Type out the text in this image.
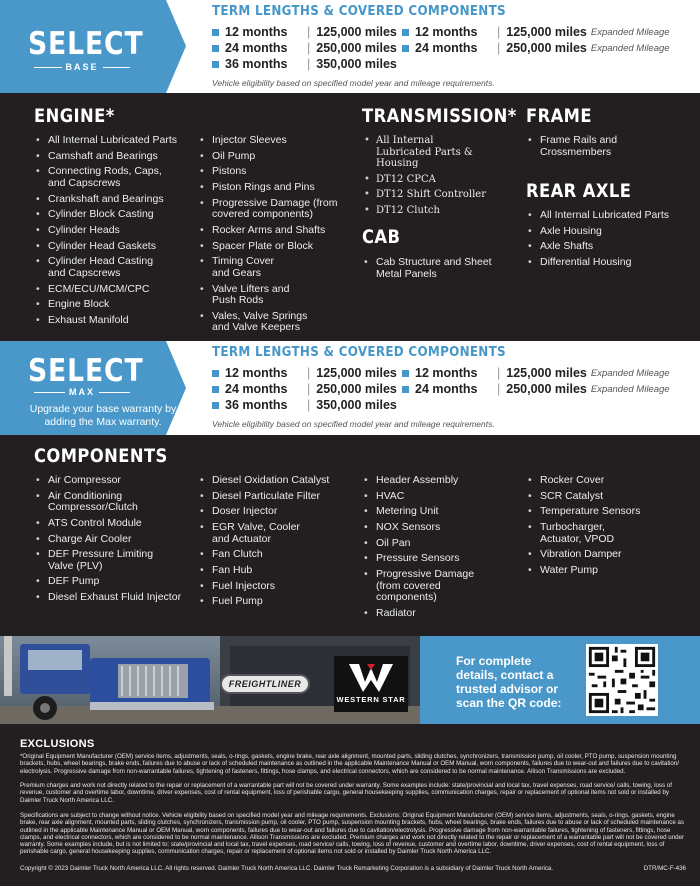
SELECT
BASE
TERM LENGTHS & COVERED COMPONENTS
12 months	| 125,000 miles
24 months	| 250,000 miles
36 months	| 350,000 miles
12 months	| 125,000 miles Expanded Mileage
24 months	| 250,000 miles Expanded Mileage
Vehicle eligibility based on specified model year and mileage requirements.
ENGINE*
• All Internal Lubricated Parts
• Camshaft and Bearings
• Connecting Rods, Caps, and Capscrews
• Crankshaft and Bearings
• Cylinder Block Casting
• Cylinder Heads
• Cylinder Head Gaskets
• Cylinder Head Casting and Capscrews
• ECM/ECU/MCM/CPC
• Engine Block
• Exhaust Manifold
• Injector Sleeves
• Oil Pump
• Pistons
• Piston Rings and Pins
• Progressive Damage (from covered components)
• Rocker Arms and Shafts
• Spacer Plate or Block
• Timing Cover and Gears
• Valve Lifters and Push Rods
• Vales, Valve Springs and Valve Keepers
TRANSMISSION*
• All Internal Lubricated Parts & Housing
• DT12 CPCA
• DT12 Shift Controller
• DT12 Clutch
CAB
• Cab Structure and Sheet Metal Panels
FRAME
• Frame Rails and Crossmembers
REAR AXLE
• All Internal Lubricated Parts
• Axle Housing
• Axle Shafts
• Differential Housing
SELECT
MAX
Upgrade your base warranty by adding the Max warranty.
TERM LENGTHS & COVERED COMPONENTS
12 months	| 125,000 miles
24 months	| 250,000 miles
36 months	| 350,000 miles
12 months	| 125,000 miles Expanded Mileage
24 months	| 250,000 miles Expanded Mileage
Vehicle eligibility based on specified model year and mileage requirements.
COMPONENTS
• Air Compressor
• Air Conditioning Compressor/Clutch
• ATS Control Module
• Charge Air Cooler
• DEF Pressure Limiting Valve (PLV)
• DEF Pump
• Diesel Exhaust Fluid Injector
• Diesel Oxidation Catalyst
• Diesel Particulate Filter
• Doser Injector
• EGR Valve, Cooler and Actuator
• Fan Clutch
• Fan Hub
• Fuel Injectors
• Fuel Pump
• Header Assembly
• HVAC
• Metering Unit
• NOX Sensors
• Oil Pan
• Pressure Sensors
• Progressive Damage (from covered components)
• Radiator
• Rocker Cover
• SCR Catalyst
• Temperature Sensors
• Turbocharger, Actuator, VPOD
• Vibration Damper
• Water Pump
FREIGHTLINER
WESTERN STAR
For complete details, contact a trusted advisor or scan the QR code:
EXCLUSIONS

*Original Equipment Manufacturer (OEM) service items, adjustments, seals, o-rings, gaskets, engine brake, rear axle alignment, mounted parts, sliding clutches, synchronizers, transmission pump, oil cooler, PTO pump, suspension mounting brackets, hubs, wheel bearings, brake ends, failures due to abuse or lack of scheduled maintenance as outlined in the applicable Maintenance Manual or OEM Manual, worn components, failures due to wear-out and failures due to cavitation/ electrolysis. Progressive damage from non-warrantable failures, tightening of fasteners, fittings, hose clamps, and electrical connectors, which are considered to be normal maintenance. Allison Transmissions are excluded.

Premium charges and work not directly related to the repair or replacement of a warrantable part will not be covered under warranty. Some examples include: state/provincial and local tax, travel expenses, road service/ calls, towing, loss of revenue, customer and overtime labor, downtime, driver expenses, cost of rental equipment, loss of perishable cargo, general housekeeping supplies, communication charges, repair or replacement of optional items not sold or installed by Daimler Truck North America LLC.

Specifications are subject to change without notice. Vehicle eligibility based on specified model year and mileage requirements. Exclusions: Original Equipment Manufacturer (OEM) service items, adjustments, seals, o-rings, gaskets, engine brake, rear axle alignment, mounted parts, sliding clutches, synchronizers, transmission pump, oil cooler, PTO pump, suspension mounting brackets, hubs, wheel bearings, brake ends, failures due to abuse or lack of scheduled maintenance as outlined in the applicable Maintenance Manual or OEM Manual, worn components, failures due to wear-out and failures due to cavitation/electrolysis. Progressive damage from non-warrantable failures, tightening of fasteners, fittings, hose clamps, and electrical connectors, which are considered to be normal maintenance. Allison Transmissions are excluded. Premium charges and work not directly related to the repair or replacement of a warrantable part will not be covered under warranty. Some examples include, but is not limited to: state/provincial and local tax, travel expenses, road service/ calls, towing, loss of revenue, customer and overtime labor, downtime, driver expenses, cost of rental equipment, loss of perishable cargo, general housekeeping supplies, communication charges, repair or replacement of optional items not sold or installed by Daimler Truck North America LLC.

Copyright © 2023 Daimler Truck North America LLC. All rights reserved. Daimler Truck North America LLC. Daimler Truck Remarketing Corporation is a subsidiary of Daimler Truck North America.	DTR/MC-F-436
